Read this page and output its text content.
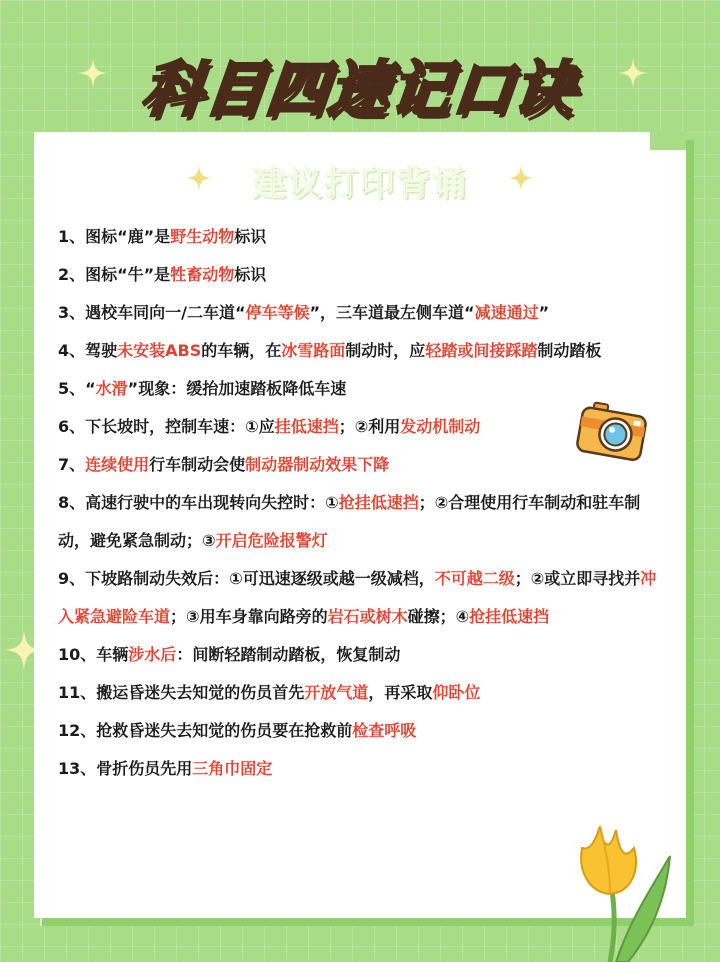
科目四速记口诀
建议打印背诵
1、图标“鹿”是野生动物标识
2、图标“牛”是牲畜动物标识
3、遇校车同向一/二车道“停车等候”，三车道最左侧车道“减速通过”
4、驾驶未安装ABS的车辆，在冰雪路面制动时，应轻踏或间接踩踏制动踏板
5、“水滑”现象：缓抬加速踏板降低车速
6、下长坡时，控制车速：①应挂低速挡；②利用发动机制动
7、连续使用行车制动会使制动器制动效果下降
8、高速行驶中的车出现转向失控时：①抢挂低速挡；②合理使用行车制动和驻车制动，避免紧急制动；③开启危险报警灯
9、下坡路制动失效后：①可迅速逐级或越一级减档，不可越二级；②或立即寻找并冲入紧急避险车道；③用车身靠向路旁的岩石或树木碰擦；④抢挂低速挡
10、车辆涉水后：间断轻踏制动踏板，恢复制动
11、搬运昏迷失去知觉的伤员首先开放气道，再采取仰卧位
12、抢救昏迷失去知觉的伤员要在抢救前检查呼吸
13、骨折伤员先用三角巾固定
